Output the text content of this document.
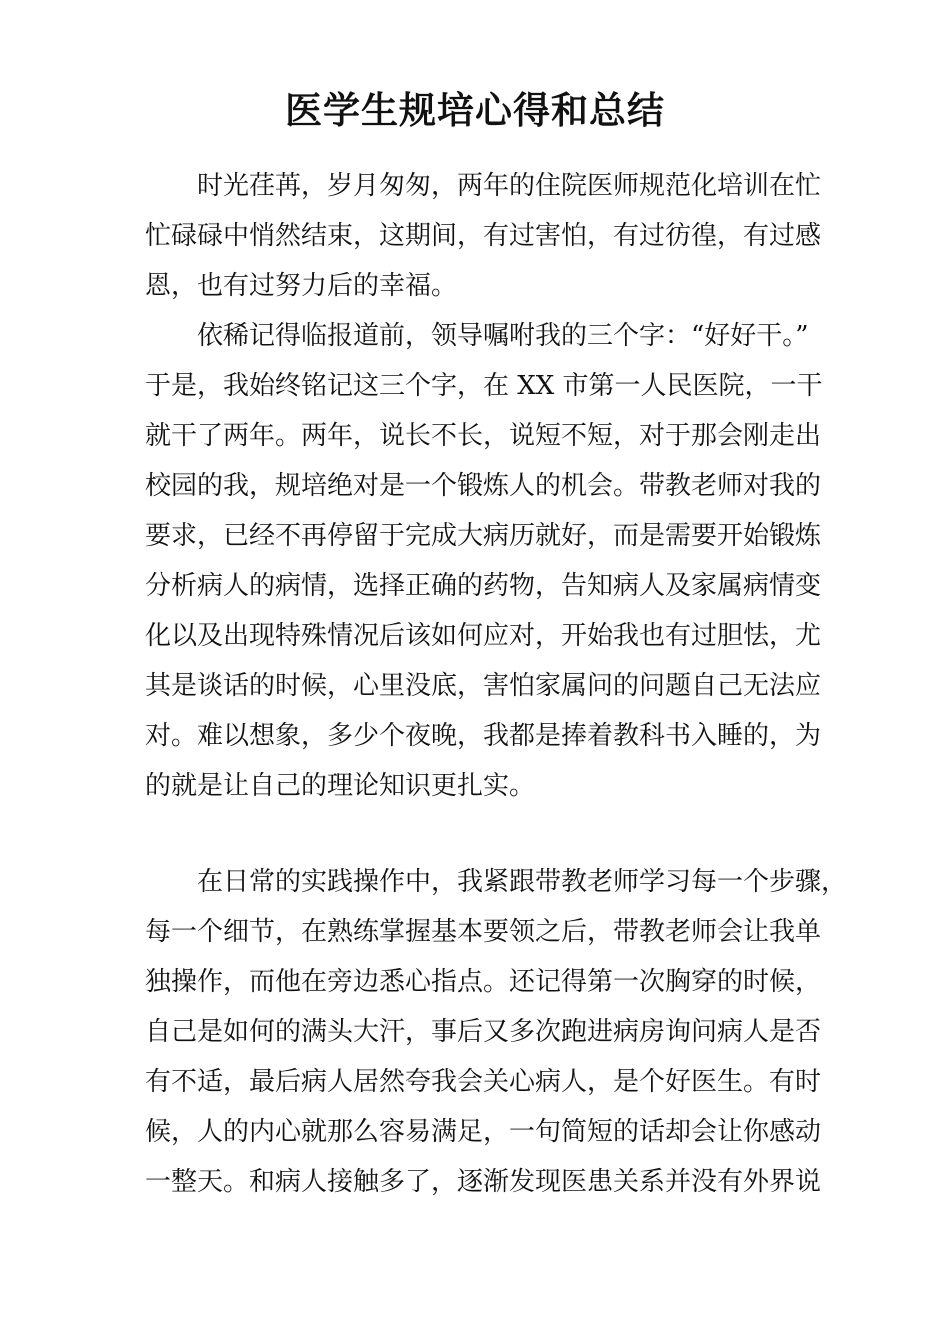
医学生规培心得和总结
时光荏苒，岁月匆匆，两年的住院医师规范化培训在忙
忙碌碌中悄然结束，这期间，有过害怕，有过彷徨，有过感
恩，也有过努力后的幸福。
依稀记得临报道前，领导嘱咐我的三个字：“好好干。”
于是，我始终铭记这三个字，在 XX 市第一人民医院，一干
就干了两年。两年，说长不长，说短不短，对于那会刚走出
校园的我，规培绝对是一个锻炼人的机会。带教老师对我的
要求，已经不再停留于完成大病历就好，而是需要开始锻炼
分析病人的病情，选择正确的药物，告知病人及家属病情变
化以及出现特殊情况后该如何应对，开始我也有过胆怯，尤
其是谈话的时候，心里没底，害怕家属问的问题自己无法应
对。难以想象，多少个夜晚，我都是捧着教科书入睡的，为
的就是让自己的理论知识更扎实。
在日常的实践操作中，我紧跟带教老师学习每一个步骤，
每一个细节，在熟练掌握基本要领之后，带教老师会让我单
独操作，而他在旁边悉心指点。还记得第一次胸穿的时候，
自己是如何的满头大汗，事后又多次跑进病房询问病人是否
有不适，最后病人居然夸我会关心病人，是个好医生。有时
候，人的内心就那么容易满足，一句简短的话却会让你感动
一整天。和病人接触多了，逐渐发现医患关系并没有外界说
